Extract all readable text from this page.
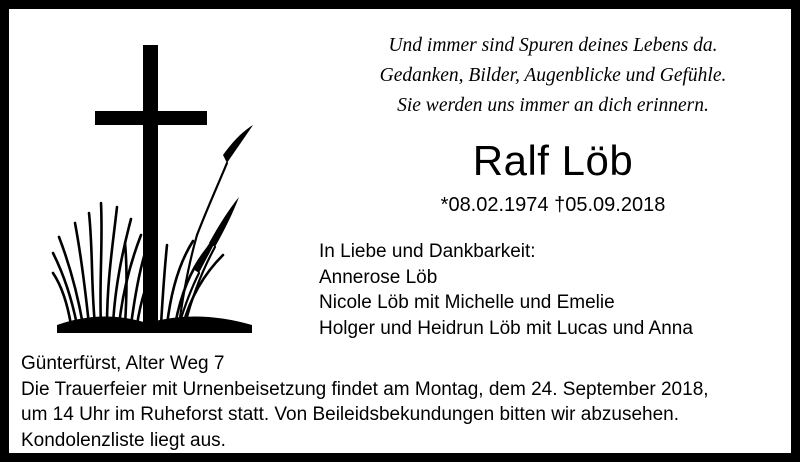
Und immer sind Spuren deines Lebens da.
Gedanken, Bilder, Augenblicke und Gefühle.
Sie werden uns immer an dich erinnern.
Ralf Löb
*08.02.1974 †05.09.2018
In Liebe und Dankbarkeit:
Annerose Löb
Nicole Löb mit Michelle und Emelie
Holger und Heidrun Löb mit Lucas und Anna
Günterfürst, Alter Weg 7
Die Trauerfeier mit Urnenbeisetzung findet am Montag, dem 24. September 2018,
um 14 Uhr im Ruheforst statt. Von Beileidsbekundungen bitten wir abzusehen.
Kondolenzliste liegt aus.
